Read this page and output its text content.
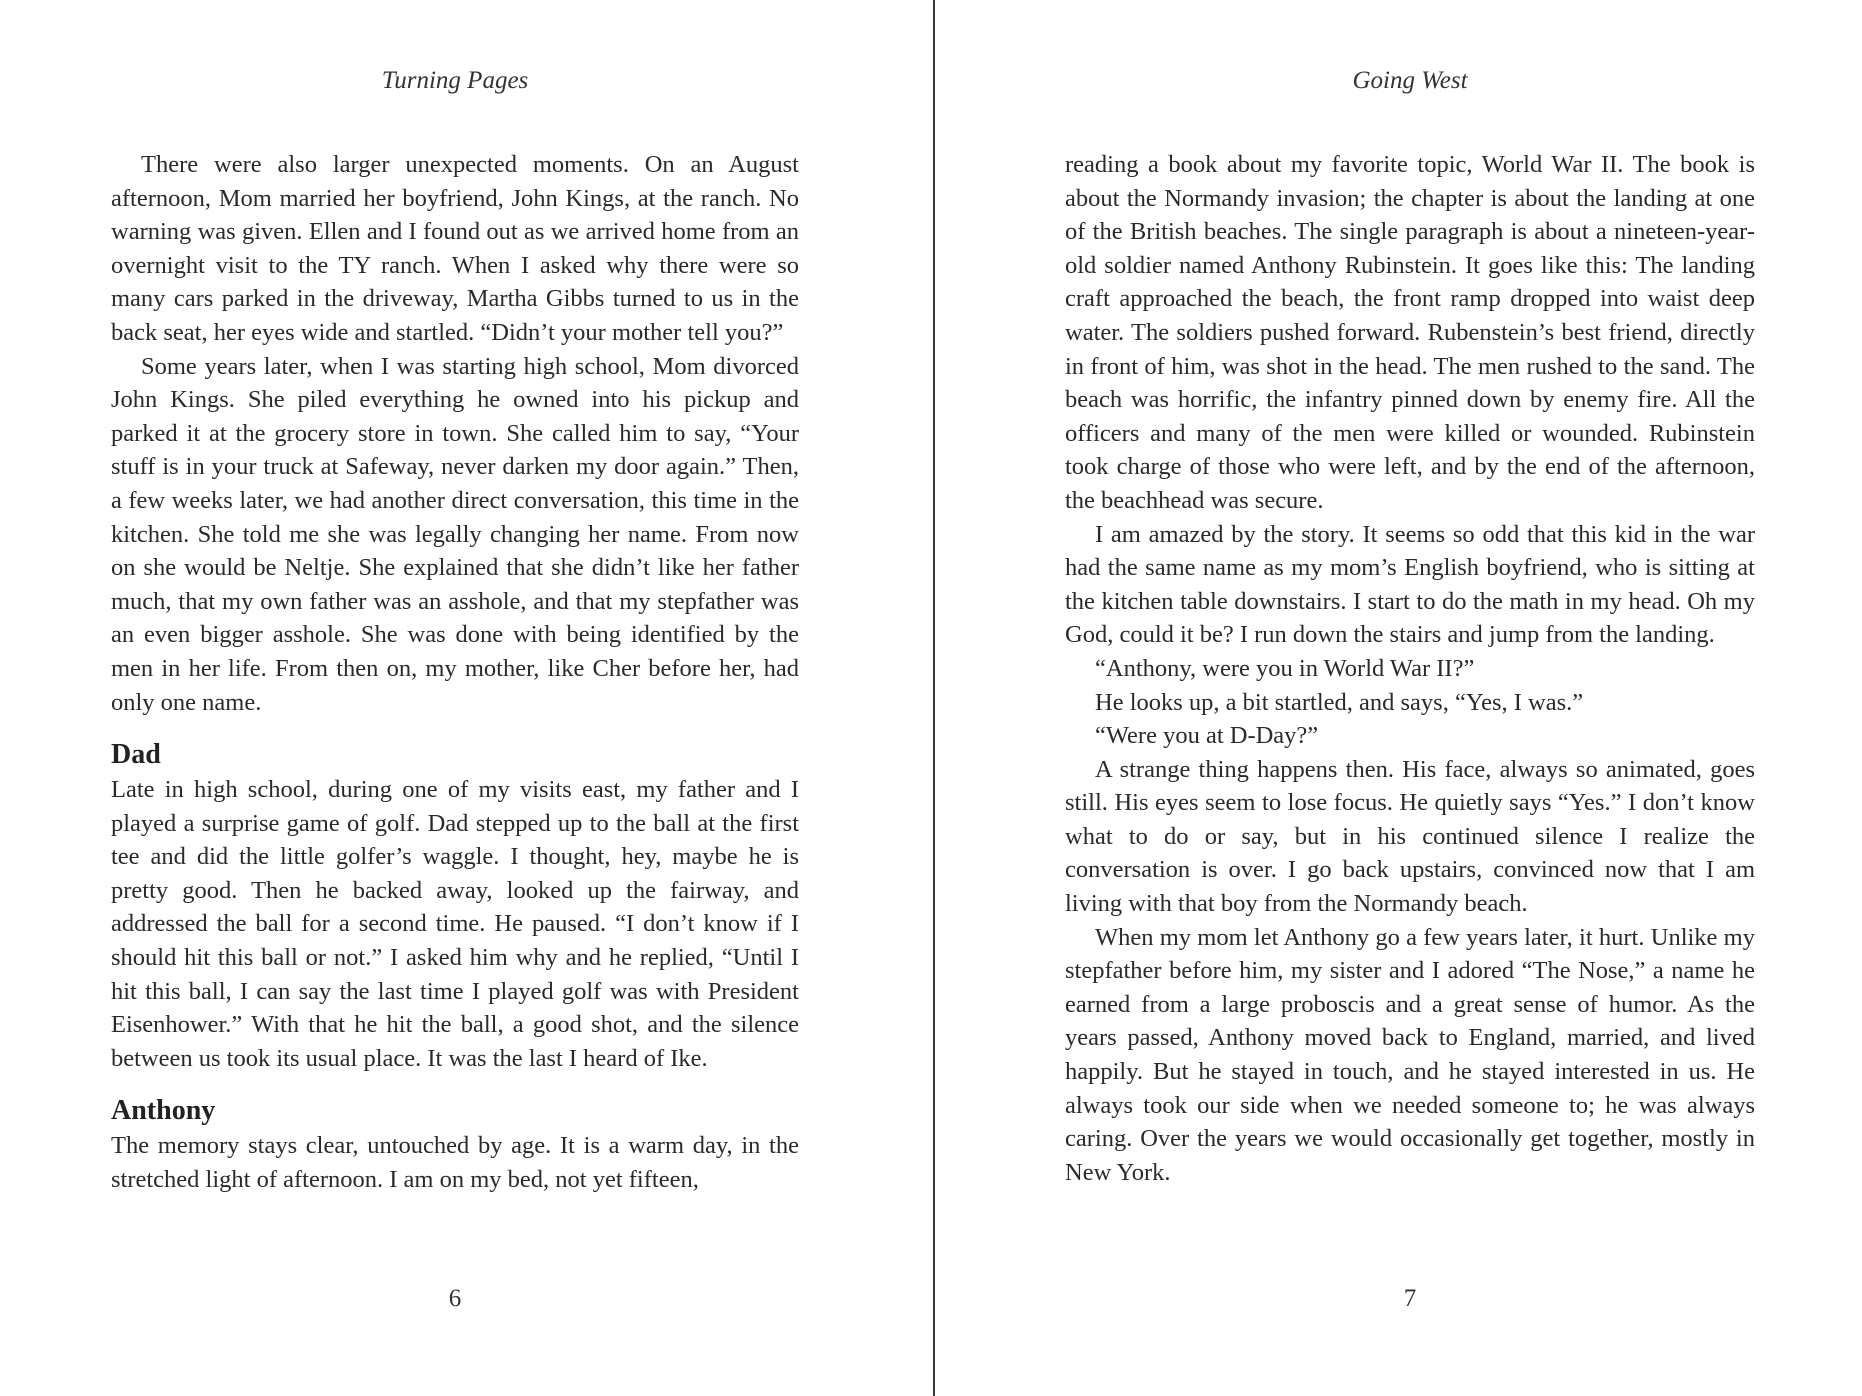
Turning Pages

There were also larger unexpected moments. On an August afternoon, Mom married her boyfriend, John Kings, at the ranch. No warning was given. Ellen and I found out as we arrived home from an overnight visit to the TY ranch. When I asked why there were so many cars parked in the driveway, Martha Gibbs turned to us in the back seat, her eyes wide and startled. “Didn’t your mother tell you?”

Some years later, when I was starting high school, Mom divorced John Kings. She piled everything he owned into his pickup and parked it at the grocery store in town. She called him to say, “Your stuff is in your truck at Safeway, never darken my door again.” Then, a few weeks later, we had another direct conversation, this time in the kitchen. She told me she was legally changing her name. From now on she would be Neltje. She explained that she didn’t like her father much, that my own father was an asshole, and that my stepfather was an even bigger asshole. She was done with being identified by the men in her life. From then on, my mother, like Cher before her, had only one name.

Dad

Late in high school, during one of my visits east, my father and I played a surprise game of golf. Dad stepped up to the ball at the first tee and did the little golfer’s waggle. I thought, hey, maybe he is pretty good. Then he backed away, looked up the fairway, and addressed the ball for a second time. He paused. “I don’t know if I should hit this ball or not.” I asked him why and he replied, “Until I hit this ball, I can say the last time I played golf was with President Eisenhower.” With that he hit the ball, a good shot, and the silence between us took its usual place. It was the last I heard of Ike.

Anthony

The memory stays clear, untouched by age. It is a warm day, in the stretched light of afternoon. I am on my bed, not yet fifteen,

6
Going West

reading a book about my favorite topic, World War II. The book is about the Normandy invasion; the chapter is about the landing at one of the British beaches. The single paragraph is about a nineteen-year-old soldier named Anthony Rubinstein. It goes like this: The landing craft approached the beach, the front ramp dropped into waist deep water. The soldiers pushed forward. Rubenstein’s best friend, directly in front of him, was shot in the head. The men rushed to the sand. The beach was horrific, the infantry pinned down by enemy fire. All the officers and many of the men were killed or wounded. Rubinstein took charge of those who were left, and by the end of the afternoon, the beachhead was secure.

I am amazed by the story. It seems so odd that this kid in the war had the same name as my mom’s English boyfriend, who is sitting at the kitchen table downstairs. I start to do the math in my head. Oh my God, could it be? I run down the stairs and jump from the landing.

“Anthony, were you in World War II?”

He looks up, a bit startled, and says, “Yes, I was.”

“Were you at D-Day?”

A strange thing happens then. His face, always so animated, goes still. His eyes seem to lose focus. He quietly says “Yes.” I don’t know what to do or say, but in his continued silence I realize the conversation is over. I go back upstairs, convinced now that I am living with that boy from the Normandy beach.

When my mom let Anthony go a few years later, it hurt. Unlike my stepfather before him, my sister and I adored “The Nose,” a name he earned from a large proboscis and a great sense of humor. As the years passed, Anthony moved back to England, married, and lived happily. But he stayed in touch, and he stayed interested in us. He always took our side when we needed someone to; he was always caring. Over the years we would occasionally get together, mostly in New York.

7
